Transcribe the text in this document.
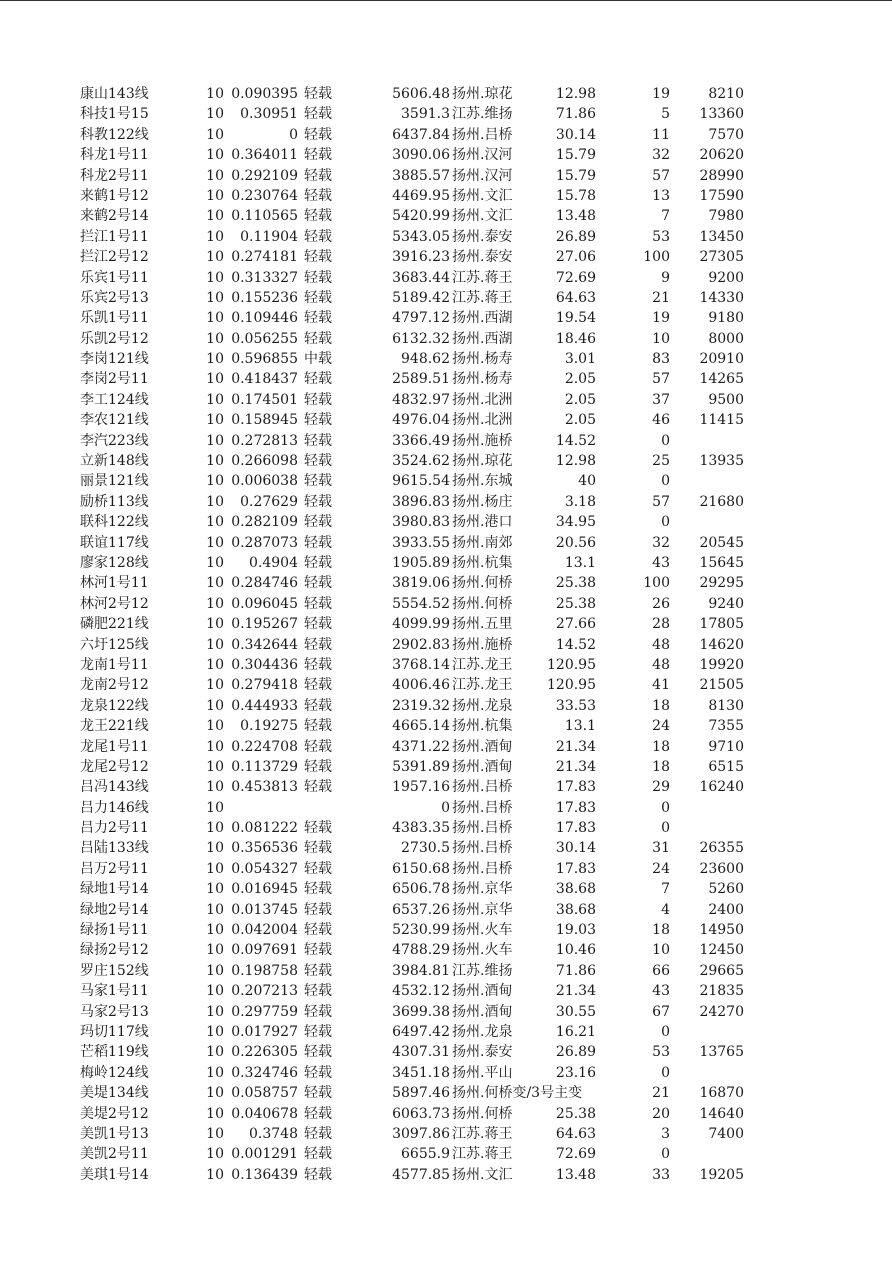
康山143线	10 0.090395 轻载	5606.48 扬州.琼花	12.98	19	8210
科技1号15	10	0.30951 轻载	3591.3 江苏.维扬	71.86	5	13360
科教122线	10	0 轻载	6437.84 扬州.吕桥	30.14	11	7570
科龙1号11	10 0.364011 轻载	3090.06 扬州.汉河	15.79	32	20620
科龙2号11	10 0.292109 轻载	3885.57 扬州.汉河	15.79	57	28990
来鹤1号12	10 0.230764 轻载	4469.95 扬州.文汇	15.78	13	17590
来鹤2号14	10 0.110565 轻载	5420.99 扬州.文汇	13.48	7	7980
拦江1号11	10	0.11904 轻载	5343.05 扬州.泰安	26.89	53	13450
拦江2号12	10 0.274181 轻载	3916.23 扬州.泰安	27.06	100	27305
乐宾1号11	10 0.313327 轻载	3683.44 江苏.蒋王	72.69	9	9200
乐宾2号13	10 0.155236 轻载	5189.42 江苏.蒋王	64.63	21	14330
乐凯1号11	10 0.109446 轻载	4797.12 扬州.西湖	19.54	19	9180
乐凯2号12	10 0.056255 轻载	6132.32 扬州.西湖	18.46	10	8000
李岗121线	10 0.596855 中载	948.62 扬州.杨寿	3.01	83	20910
李岗2号11	10 0.418437 轻载	2589.51 扬州.杨寿	2.05	57	14265
李工124线	10 0.174501 轻载	4832.97 扬州.北洲	2.05	37	9500
李农121线	10 0.158945 轻载	4976.04 扬州.北洲	2.05	46	11415
李汽223线	10 0.272813 轻载	3366.49 扬州.施桥	14.52	0
立新148线	10 0.266098 轻载	3524.62 扬州.琼花	12.98	25	13935
丽景121线	10 0.006038 轻载	9615.54 扬州.东城	40	0
励桥113线	10	0.27629 轻载	3896.83 扬州.杨庄	3.18	57	21680
联科122线	10 0.282109 轻载	3980.83 扬州.港口	34.95	0
联谊117线	10 0.287073 轻载	3933.55 扬州.南郊	20.56	32	20545
廖家128线	10	0.4904 轻载	1905.89 扬州.杭集	13.1	43	15645
林河1号11	10 0.284746 轻载	3819.06 扬州.何桥	25.38	100	29295
林河2号12	10 0.096045 轻载	5554.52 扬州.何桥	25.38	26	9240
磷肥221线	10 0.195267 轻载	4099.99 扬州.五里	27.66	28	17805
六圩125线	10 0.342644 轻载	2902.83 扬州.施桥	14.52	48	14620
龙南1号11	10 0.304436 轻载	3768.14 江苏.龙王	120.95	48	19920
龙南2号12	10 0.279418 轻载	4006.46 江苏.龙王	120.95	41	21505
龙泉122线	10 0.444933 轻载	2319.32 扬州.龙泉	33.53	18	8130
龙王221线	10	0.19275 轻载	4665.14 扬州.杭集	13.1	24	7355
龙尾1号11	10 0.224708 轻载	4371.22 扬州.酒甸	21.34	18	9710
龙尾2号12	10 0.113729 轻载	5391.89 扬州.酒甸	21.34	18	6515
吕冯143线	10 0.453813 轻载	1957.16 扬州.吕桥	17.83	29	16240
吕力146线	10	0 扬州.吕桥	17.83	0
吕力2号11	10 0.081222 轻载	4383.35 扬州.吕桥	17.83	0
吕陆133线	10 0.356536 轻载	2730.5 扬州.吕桥	30.14	31	26355
吕万2号11	10 0.054327 轻载	6150.68 扬州.吕桥	17.83	24	23600
绿地1号14	10 0.016945 轻载	6506.78 扬州.京华	38.68	7	5260
绿地2号14	10 0.013745 轻载	6537.26 扬州.京华	38.68	4	2400
绿扬1号11	10 0.042004 轻载	5230.99 扬州.火车	19.03	18	14950
绿扬2号12	10 0.097691 轻载	4788.29 扬州.火车	10.46	10	12450
罗庄152线	10 0.198758 轻载	3984.81 江苏.维扬	71.86	66	29665
马家1号11	10 0.207213 轻载	4532.12 扬州.酒甸	21.34	43	21835
马家2号13	10 0.297759 轻载	3699.38 扬州.酒甸	30.55	67	24270
玛切117线	10 0.017927 轻载	6497.42 扬州.龙泉	16.21	0
芒稻119线	10 0.226305 轻载	4307.31 扬州.泰安	26.89	53	13765
梅岭124线	10 0.324746 轻载	3451.18 扬州.平山	23.16	0
美堤134线	10 0.058757 轻载	5897.46 扬州.何桥变/3号主变	21	16870
美堤2号12	10 0.040678 轻载	6063.73 扬州.何桥	25.38	20	14640
美凯1号13	10	0.3748 轻载	3097.86 江苏.蒋王	64.63	3	7400
美凯2号11	10 0.001291 轻载	6655.9 江苏.蒋王	72.69	0
美琪1号14	10 0.136439 轻载	4577.85 扬州.文汇	13.48	33	19205
